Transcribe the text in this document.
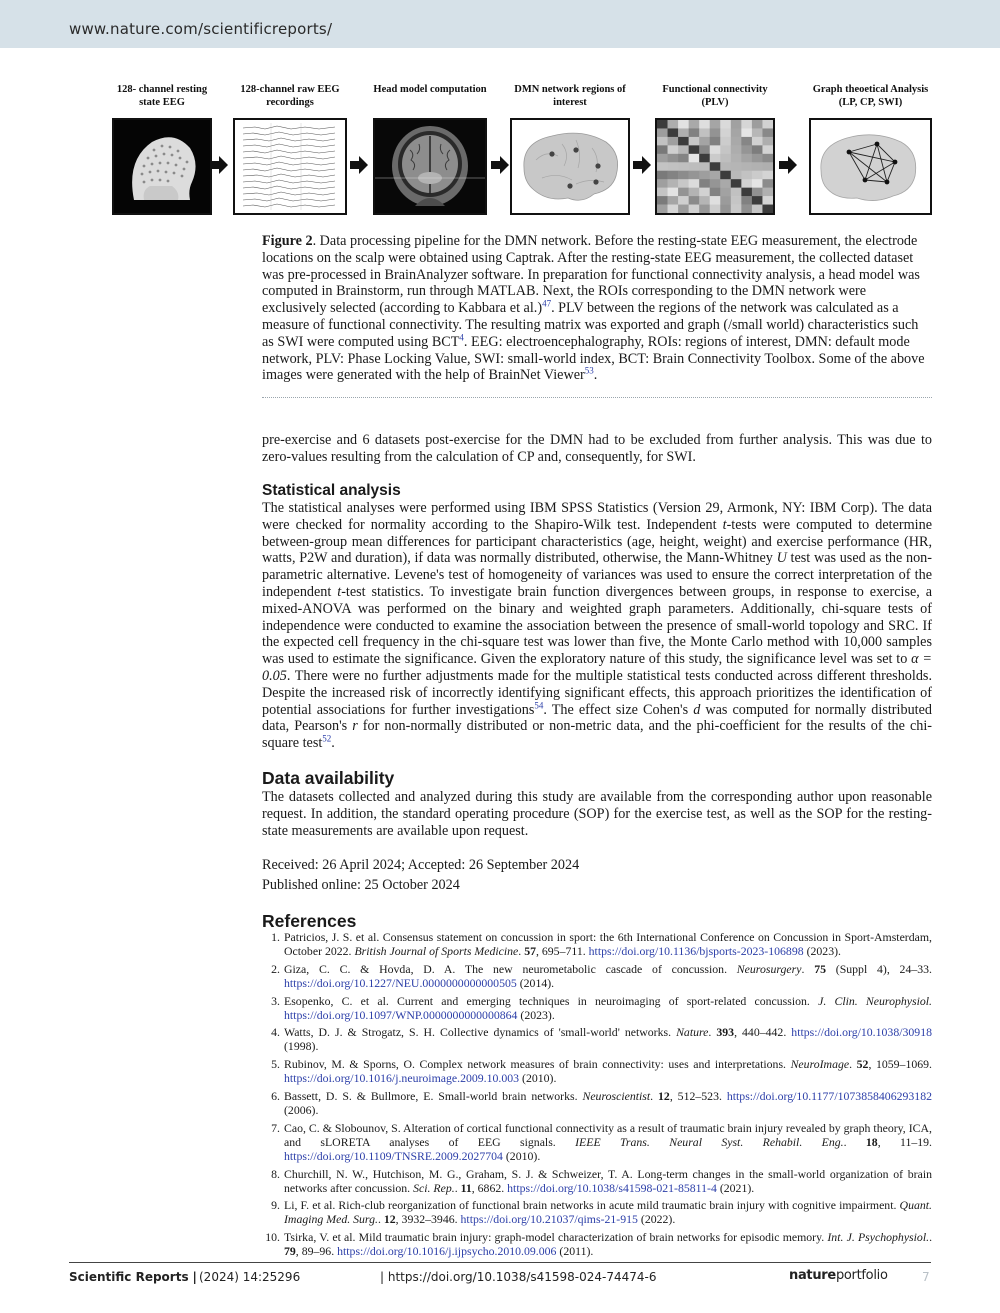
www.nature.com/scientificreports/
128- channel resting state EEG
128-channel raw EEG recordings
Head model computation	DMN network regions of interest
Functional connectivity (PLV)
Graph theoetical Analysis (LP, CP, SWI)
Figure 2. Data processing pipeline for the DMN network. Before the resting-state EEG measurement, the electrode locations on the scalp were obtained using Captrak. After the resting-state EEG measurement, the collected dataset was pre-processed in BrainAnalyzer software. In preparation for functional connectivity analysis, a head model was computed in Brainstorm, run through MATLAB. Next, the ROIs corresponding to the DMN network were exclusively selected (according to Kabbara et al.)$^{47}$. PLV between the regions of the network was calculated as a measure of functional connectivity. The resulting matrix was exported and graph (/small world) characteristics such as SWI were computed using BCT$^4$. EEG: electroencephalography, ROIs: regions of interest, DMN: default mode network, PLV: Phase Locking Value, SWI: small-world index, BCT: Brain Connectivity Toolbox. Some of the above images were generated with the help of BrainNet Viewer$^{53}$.
pre-exercise and 6 datasets post-exercise for the DMN had to be excluded from further analysis. This was due to zero-values resulting from the calculation of CP and, consequently, for SWI.
Statistical analysis
The statistical analyses were performed using IBM SPSS Statistics (Version 29, Armonk, NY: IBM Corp). The data were checked for normality according to the Shapiro-Wilk test. Independent t-tests were computed to determine between-group mean differences for participant characteristics (age, height, weight) and exercise performance (HR, watts, P2W and duration), if data was normally distributed, otherwise, the Mann-Whitney U test was used as the non-parametric alternative. Levene's test of homogeneity of variances was used to ensure the correct interpretation of the independent t-test statistics. To investigate brain function divergences between groups, in response to exercise, a mixed-ANOVA was performed on the binary and weighted graph parameters. Additionally, chi-square tests of independence were conducted to examine the association between the presence of small-world topology and SRC. If the expected cell frequency in the chi-square test was lower than five, the Monte Carlo method with 10,000 samples was used to estimate the significance. Given the exploratory nature of this study, the significance level was set to α = 0.05. There were no further adjustments made for the multiple statistical tests conducted across different thresholds. Despite the increased risk of incorrectly identifying significant effects, this approach prioritizes the identification of potential associations for further investigations$^{54}$. The effect size Cohen's d was computed for normally distributed data, Pearson's r for non-normally distributed or non-metric data, and the phi-coefficient for the results of the chi-square test$^{52}$.
Data availability
The datasets collected and analyzed during this study are available from the corresponding author upon reasonable request. In addition, the standard operating procedure (SOP) for the exercise test, as well as the SOP for the resting-state measurements are available upon request.
Received: 26 April 2024; Accepted: 26 September 2024
Published online: 25 October 2024
References
1. Patricios, J. S. et al. Consensus statement on concussion in sport: the 6th International Conference on Concussion in Sport-Amsterdam, October 2022. British Journal of Sports Medicine. 57, 695–711. https://doi.org/10.1136/bjsports-2023-106898 (2023).
2. Giza, C. C. & Hovda, D. A. The new neurometabolic cascade of concussion. Neurosurgery. 75 (Suppl 4), 24–33. https://doi.org/10.1227/NEU.0000000000000505 (2014).
3. Esopenko, C. et al. Current and emerging techniques in neuroimaging of sport-related concussion. J. Clin. Neurophysiol. https://doi.org/10.1097/WNP.0000000000000864 (2023).
4. Watts, D. J. & Strogatz, S. H. Collective dynamics of 'small-world' networks. Nature. 393, 440–442. https://doi.org/10.1038/30918 (1998).
5. Rubinov, M. & Sporns, O. Complex network measures of brain connectivity: uses and interpretations. NeuroImage. 52, 1059–1069. https://doi.org/10.1016/j.neuroimage.2009.10.003 (2010).
6. Bassett, D. S. & Bullmore, E. Small-world brain networks. Neuroscientist. 12, 512–523. https://doi.org/10.1177/1073858406293182 (2006).
7. Cao, C. & Slobounov, S. Alteration of cortical functional connectivity as a result of traumatic brain injury revealed by graph theory, ICA, and sLORETA analyses of EEG signals. IEEE Trans. Neural Syst. Rehabil. Eng.. 18, 11–19. https://doi.org/10.1109/TNSRE.2009.2027704 (2010).
8. Churchill, N. W., Hutchison, M. G., Graham, S. J. & Schweizer, T. A. Long-term changes in the small-world organization of brain networks after concussion. Sci. Rep.. 11, 6862. https://doi.org/10.1038/s41598-021-85811-4 (2021).
9. Li, F. et al. Rich-club reorganization of functional brain networks in acute mild traumatic brain injury with cognitive impairment. Quant. Imaging Med. Surg.. 12, 3932–3946. https://doi.org/10.21037/qims-21-915 (2022).
10. Tsirka, V. et al. Mild traumatic brain injury: graph-model characterization of brain networks for episodic memory. Int. J. Psychophysiol.. 79, 89–96. https://doi.org/10.1016/j.ijpsycho.2010.09.006 (2011).
Scientific Reports | (2024) 14:25296	| https://doi.org/10.1038/s41598-024-74474-6	natureportfolio	7
